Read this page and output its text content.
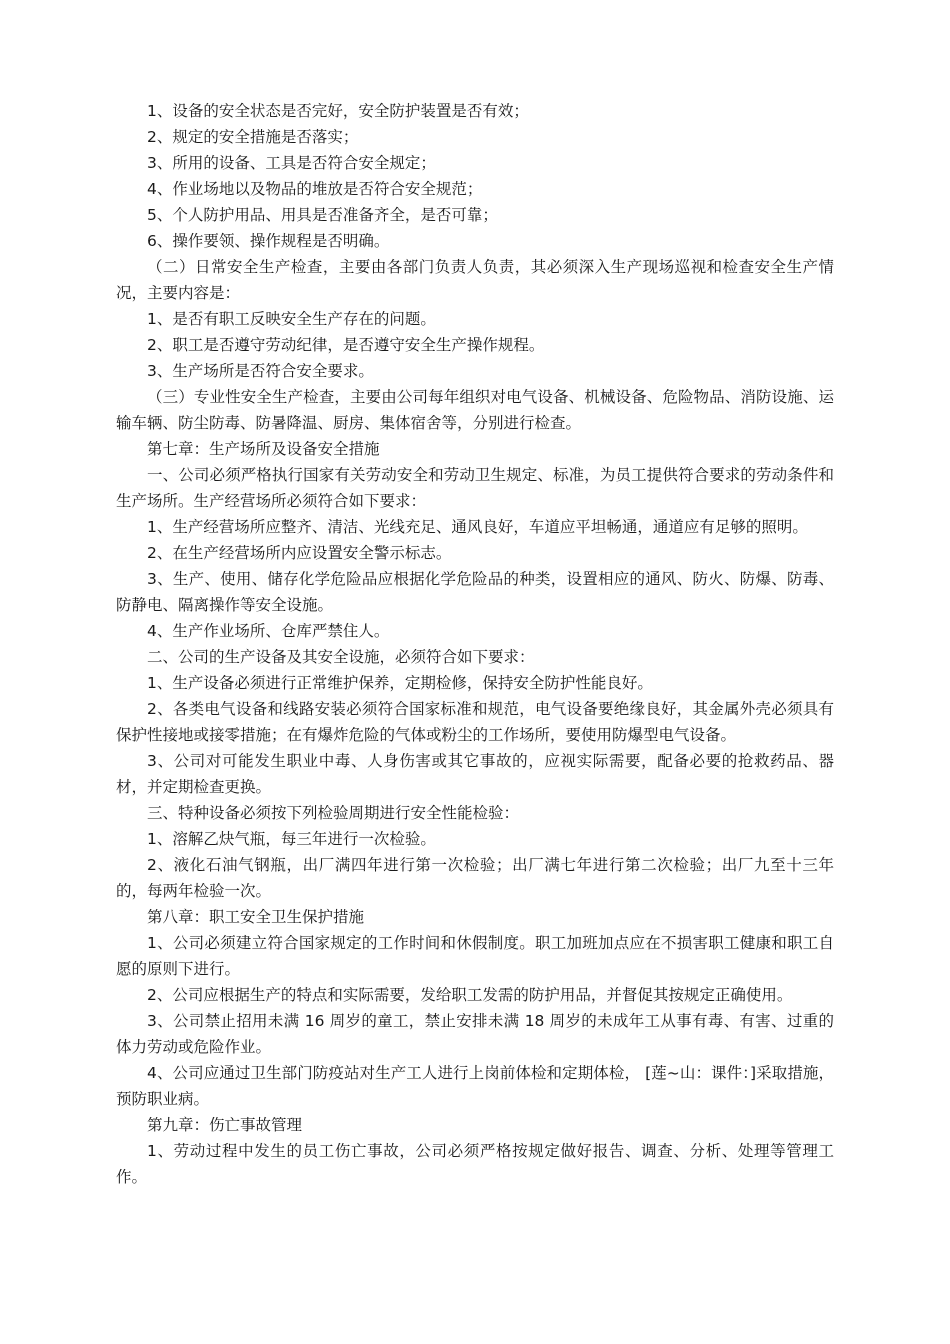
1、设备的安全状态是否完好，安全防护装置是否有效；

2、规定的安全措施是否落实；

3、所用的设备、工具是否符合安全规定；

4、作业场地以及物品的堆放是否符合安全规范；

5、个人防护用品、用具是否准备齐全，是否可靠；

6、操作要领、操作规程是否明确。

（二）日常安全生产检查，主要由各部门负责人负责，其必须深入生产现场巡视和检查安全生产情况，主要内容是：

1、是否有职工反映安全生产存在的问题。

2、职工是否遵守劳动纪律，是否遵守安全生产操作规程。

3、生产场所是否符合安全要求。

（三）专业性安全生产检查，主要由公司每年组织对电气设备、机械设备、危险物品、消防设施、运输车辆、防尘防毒、防暑降温、厨房、集体宿舍等，分别进行检查。

第七章：生产场所及设备安全措施

一、公司必须严格执行国家有关劳动安全和劳动卫生规定、标准，为员工提供符合要求的劳动条件和生产场所。生产经营场所必须符合如下要求：

1、生产经营场所应整齐、清洁、光线充足、通风良好，车道应平坦畅通，通道应有足够的照明。

2、在生产经营场所内应设置安全警示标志。

3、生产、使用、储存化学危险品应根据化学危险品的种类，设置相应的通风、防火、防爆、防毒、防静电、隔离操作等安全设施。

4、生产作业场所、仓库严禁住人。

二、公司的生产设备及其安全设施，必须符合如下要求：

1、生产设备必须进行正常维护保养，定期检修，保持安全防护性能良好。

2、各类电气设备和线路安装必须符合国家标准和规范，电气设备要绝缘良好，其金属外壳必须具有保护性接地或接零措施；在有爆炸危险的气体或粉尘的工作场所，要使用防爆型电气设备。

3、公司对可能发生职业中毒、人身伤害或其它事故的，应视实际需要，配备必要的抢救药品、器材，并定期检查更换。

三、特种设备必须按下列检验周期进行安全性能检验：

1、溶解乙炔气瓶，每三年进行一次检验。

2、液化石油气钢瓶，出厂满四年进行第一次检验；出厂满七年进行第二次检验；出厂九至十三年的，每两年检验一次。

第八章：职工安全卫生保护措施

1、公司必须建立符合国家规定的工作时间和休假制度。职工加班加点应在不损害职工健康和职工自愿的原则下进行。

2、公司应根据生产的特点和实际需要，发给职工发需的防护用品，并督促其按规定正确使用。

3、公司禁止招用未满 16 周岁的童工，禁止安排未满 18 周岁的未成年工从事有毒、有害、过重的体力劳动或危险作业。

4、公司应通过卫生部门防疫站对生产工人进行上岗前体检和定期体检， [莲~山：课件：]采取措施，预防职业病。

第九章：伤亡事故管理

1、劳动过程中发生的员工伤亡事故，公司必须严格按规定做好报告、调查、分析、处理等管理工作。
